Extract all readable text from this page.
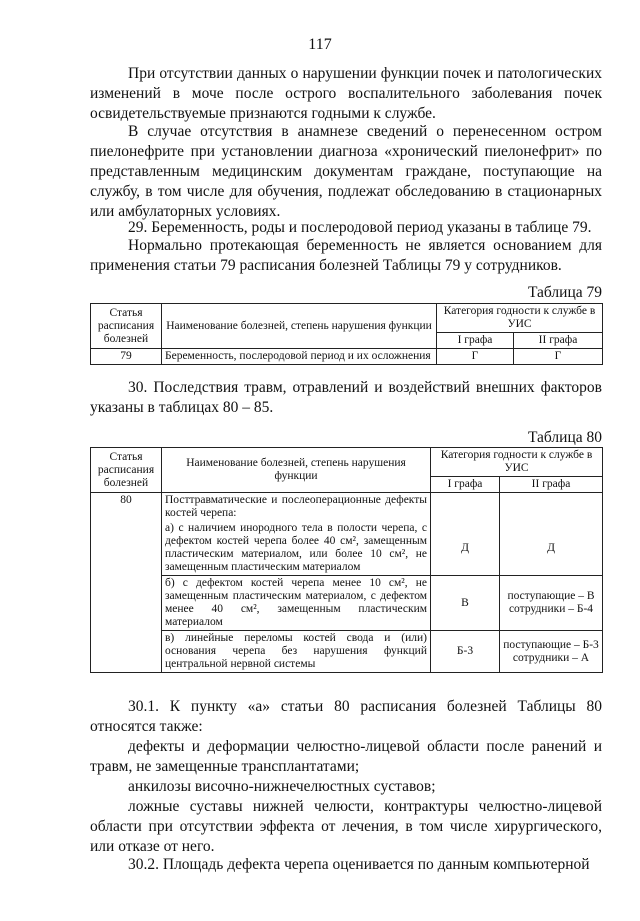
117

При отсутствии данных о нарушении функции почек и патологических изменений в моче после острого воспалительного заболевания почек освидетельствуемые признаются годными к службе.

В случае отсутствия в анамнезе сведений о перенесенном остром пиелонефрите при установлении диагноза «хронический пиелонефрит» по представленным медицинским документам граждане, поступающие на службу, в том числе для обучения, подлежат обследованию в стационарных или амбулаторных условиях.

29. Беременность, роды и послеродовой период указаны в таблице 79.

Нормально протекающая беременность не является основанием для применения статьи 79 расписания болезней Таблицы 79 у сотрудников.

Таблица 79
Статья расписания болезней	Наименование болезней, степень нарушения функции	Категория годности к службе в УИС	
		I графа	II графа
79	Беременность, послеродовой период и их осложнения	Г	Г

30. Последствия травм, отравлений и воздействий внешних факторов указаны в таблицах 80 – 85.

Таблица 80
Статья расписания болезней	Наименование болезней, степень нарушения функции	Категория годности к службе в УИС	
		I графа	II графа
80	Посттравматические и послеоперационные дефекты костей черепа:		
	а) с наличием инородного тела в полости черепа, с дефектом костей черепа более 40 см², замещенным пластическим материалом, или более 10 см², не замещенным пластическим материалом	Д	Д
	б) с дефектом костей черепа менее 10 см², не замещенным пластическим материалом, с дефектом менее 40 см², замещенным пластическим материалом	В	поступающие – В сотрудники – Б-4
	в) линейные переломы костей свода и (или) основания черепа без нарушения функций центральной нервной системы	Б-3	поступающие – Б-3 сотрудники – А

30.1. К пункту «а» статьи 80 расписания болезней Таблицы 80 относятся также:

дефекты и деформации челюстно-лицевой области после ранений и травм, не замещенные трансплантатами;

анкилозы височно-нижнечелюстных суставов;

ложные суставы нижней челюсти, контрактуры челюстно-лицевой области при отсутствии эффекта от лечения, в том числе хирургического, или отказе от него.

30.2. Площадь дефекта черепа оценивается по данным компьютерной
